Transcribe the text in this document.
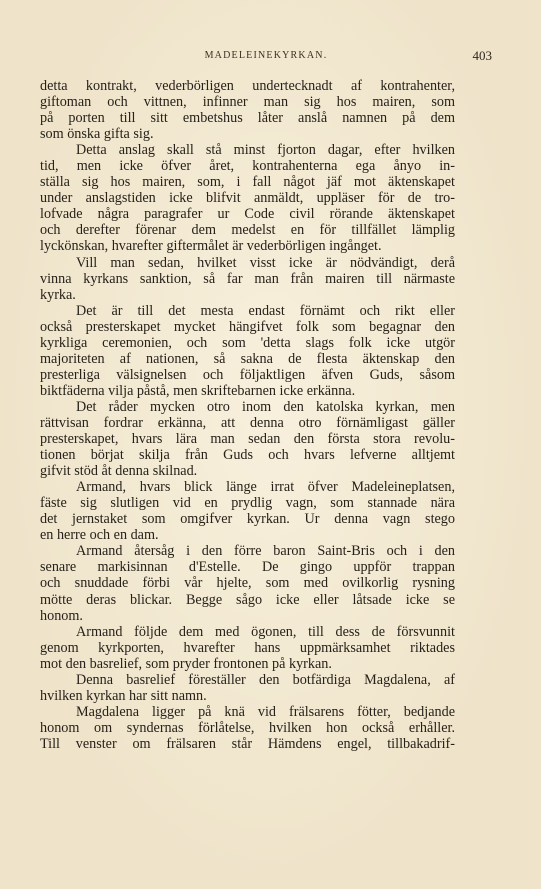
MADELEINEKYRKAN.	403

detta kontrakt, vederbörligen undertecknadt af kontrahenter,
giftoman och vittnen, infinner man sig hos mairen, som
på porten till sitt embetshus låter anslå namnen på dem
som önska gifta sig.

Detta anslag skall stå minst fjorton dagar, efter hvilken
tid, men icke öfver året, kontrahenterna ega ånyo in-
ställa sig hos mairen, som, i fall något jäf mot äktenskapet
under anslagstiden icke blifvit anmäldt, uppläser för de tro-
lofvade några paragrafer ur Code civil rörande äktenskapet
och derefter förenar dem medelst en för tillfället lämplig
lyckönskan, hvarefter giftermålet är vederbörligen ingånget.

Vill man sedan, hvilket visst icke är nödvändigt, derå
vinna kyrkans sanktion, så far man från mairen till närmaste
kyrka.

Det är till det mesta endast förnämt och rikt eller
också presterskapet mycket hängifvet folk som begagnar den
kyrkliga ceremonien, och som 'detta slags folk icke utgör
majoriteten af nationen, så sakna de flesta äktenskap den
presterliga välsignelsen och följaktligen äfven Guds, såsom
biktfäderna vilja påstå, men skriftebarnen icke erkänna.

Det råder mycken otro inom den katolska kyrkan, men
rättvisan fordrar erkänna, att denna otro förnämligast gäller
presterskapet, hvars lära man sedan den första stora revolu-
tionen börjat skilja från Guds och hvars lefverne alltjemt
gifvit stöd åt denna skilnad.

Armand, hvars blick länge irrat öfver Madeleineplatsen,
fäste sig slutligen vid en prydlig vagn, som stannade nära
det jernstaket som omgifver kyrkan. Ur denna vagn stego
en herre och en dam.

Armand återsåg i den förre baron Saint-Bris och i den
senare markisinnan d'Estelle. De gingo uppför trappan
och snuddade förbi vår hjelte, som med ovilkorlig rysning
mötte deras blickar. Begge sågo icke eller låtsade icke se
honom.

Armand följde dem med ögonen, till dess de försvunnit
genom kyrkporten, hvarefter hans uppmärksamhet riktades
mot den basrelief, som pryder frontonen på kyrkan.

Denna basrelief föreställer den botfärdiga Magdalena, af
hvilken kyrkan har sitt namn.

Magdalena ligger på knä vid frälsarens fötter, bedjande
honom om syndernas förlåtelse, hvilken hon också erhåller.
Till venster om frälsaren står Hämdens engel, tillbakadrif-
